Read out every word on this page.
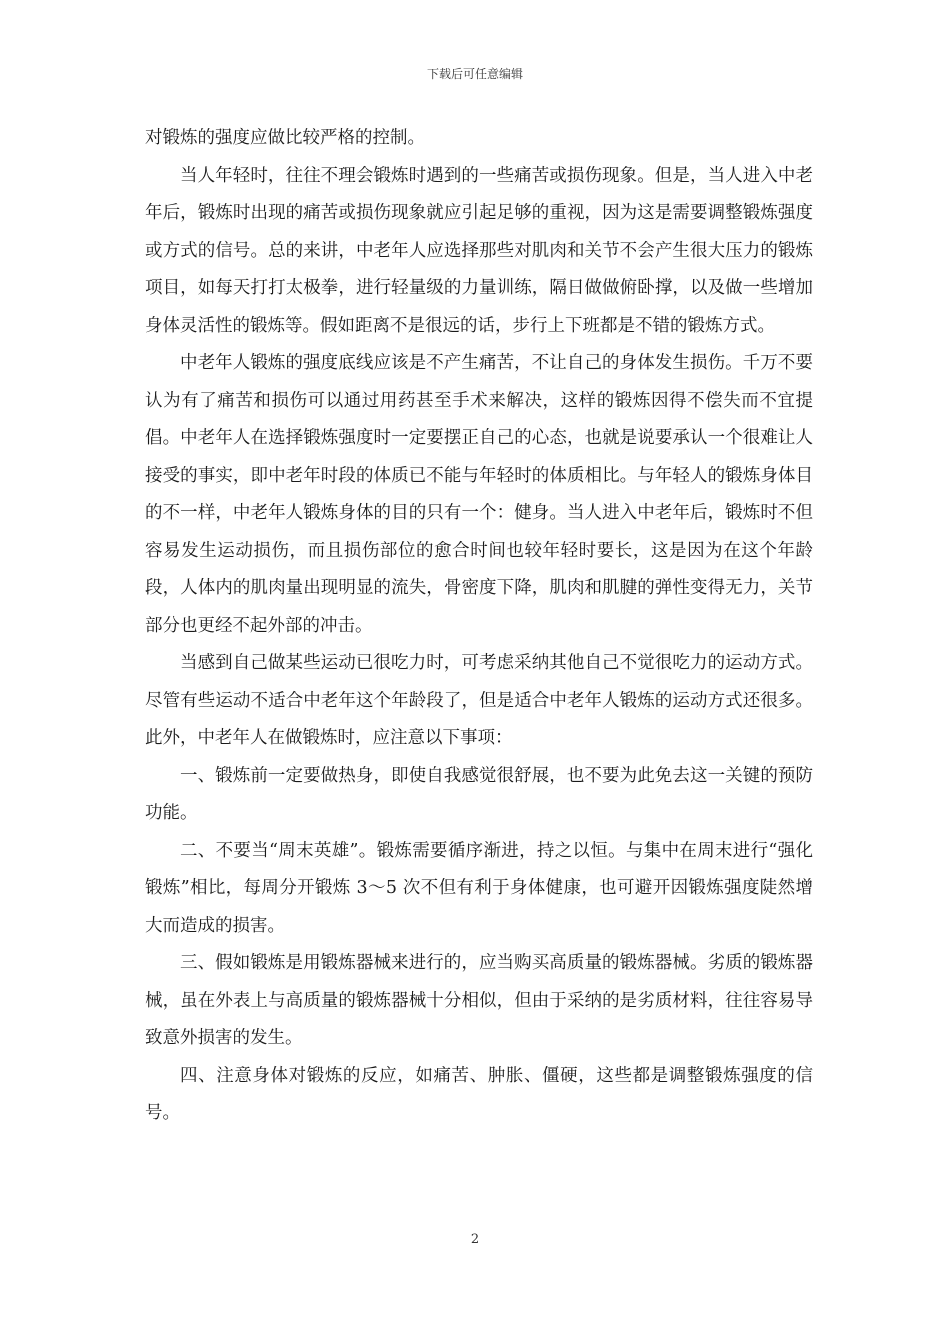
下载后可任意编辑

对锻炼的强度应做比较严格的控制。

当人年轻时，往往不理会锻炼时遇到的一些痛苦或损伤现象。但是，当人进入中老年后，锻炼时出现的痛苦或损伤现象就应引起足够的重视，因为这是需要调整锻炼强度或方式的信号。总的来讲，中老年人应选择那些对肌肉和关节不会产生很大压力的锻炼项目，如每天打打太极拳，进行轻量级的力量训练，隔日做做俯卧撑，以及做一些增加身体灵活性的锻炼等。假如距离不是很远的话，步行上下班都是不错的锻炼方式。

中老年人锻炼的强度底线应该是不产生痛苦，不让自己的身体发生损伤。千万不要认为有了痛苦和损伤可以通过用药甚至手术来解决，这样的锻炼因得不偿失而不宜提倡。中老年人在选择锻炼强度时一定要摆正自己的心态，也就是说要承认一个很难让人接受的事实，即中老年时段的体质已不能与年轻时的体质相比。与年轻人的锻炼身体目的不一样，中老年人锻炼身体的目的只有一个：健身。当人进入中老年后，锻炼时不但容易发生运动损伤，而且损伤部位的愈合时间也较年轻时要长，这是因为在这个年龄段，人体内的肌肉量出现明显的流失，骨密度下降，肌肉和肌腱的弹性变得无力，关节部分也更经不起外部的冲击。

当感到自己做某些运动已很吃力时，可考虑采纳其他自己不觉很吃力的运动方式。尽管有些运动不适合中老年这个年龄段了，但是适合中老年人锻炼的运动方式还很多。此外，中老年人在做锻炼时，应注意以下事项：

一、锻炼前一定要做热身，即使自我感觉很舒展，也不要为此免去这一关键的预防功能。

二、不要当“周末英雄”。锻炼需要循序渐进，持之以恒。与集中在周末进行“强化锻炼”相比，每周分开锻炼 3～5 次不但有利于身体健康，也可避开因锻炼强度陡然增大而造成的损害。

三、假如锻炼是用锻炼器械来进行的，应当购买高质量的锻炼器械。劣质的锻炼器械，虽在外表上与高质量的锻炼器械十分相似，但由于采纳的是劣质材料，往往容易导致意外损害的发生。

四、注意身体对锻炼的反应，如痛苦、肿胀、僵硬，这些都是调整锻炼强度的信号。

2
